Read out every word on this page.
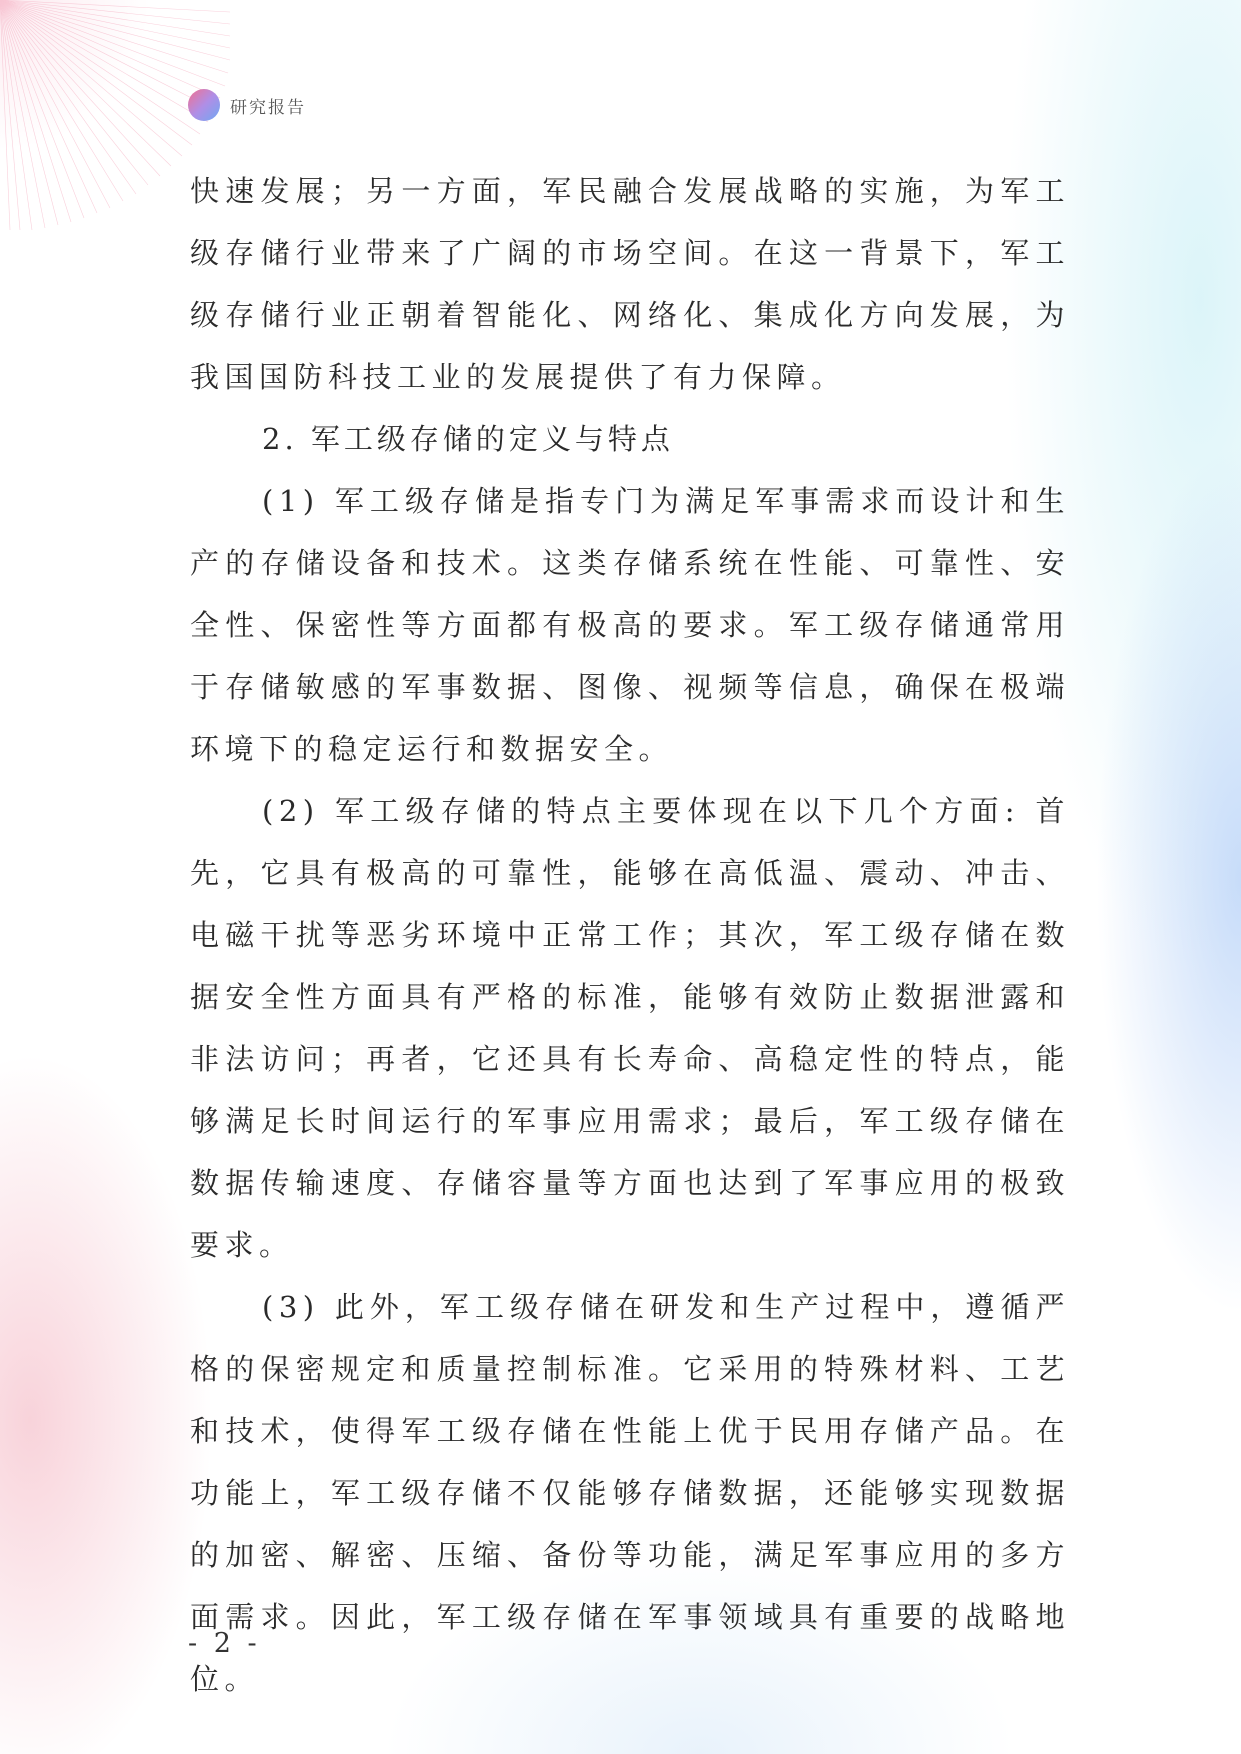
研究报告

快速发展；另一方面，军民融合发展战略的实施，为军工级存储行业带来了广阔的市场空间。在这一背景下，军工级存储行业正朝着智能化、网络化、集成化方向发展，为我国国防科技工业的发展提供了有力保障。

2. 军工级存储的定义与特点

(1) 军工级存储是指专门为满足军事需求而设计和生产的存储设备和技术。这类存储系统在性能、可靠性、安全性、保密性等方面都有极高的要求。军工级存储通常用于存储敏感的军事数据、图像、视频等信息，确保在极端环境下的稳定运行和数据安全。

(2) 军工级存储的特点主要体现在以下几个方面: 首先，它具有极高的可靠性，能够在高低温、震动、冲击、电磁干扰等恶劣环境中正常工作；其次，军工级存储在数据安全性方面具有严格的标准，能够有效防止数据泄露和非法访问；再者，它还具有长寿命、高稳定性的特点，能够满足长时间运行的军事应用需求；最后，军工级存储在数据传输速度、存储容量等方面也达到了军事应用的极致要求。

(3) 此外，军工级存储在研发和生产过程中，遵循严格的保密规定和质量控制标准。它采用的特殊材料、工艺和技术，使得军工级存储在性能上优于民用存储产品。在功能上，军工级存储不仅能够存储数据，还能够实现数据的加密、解密、压缩、备份等功能，满足军事应用的多方面需求。因此，军工级存储在军事领域具有重要的战略地位。

- 2 -
